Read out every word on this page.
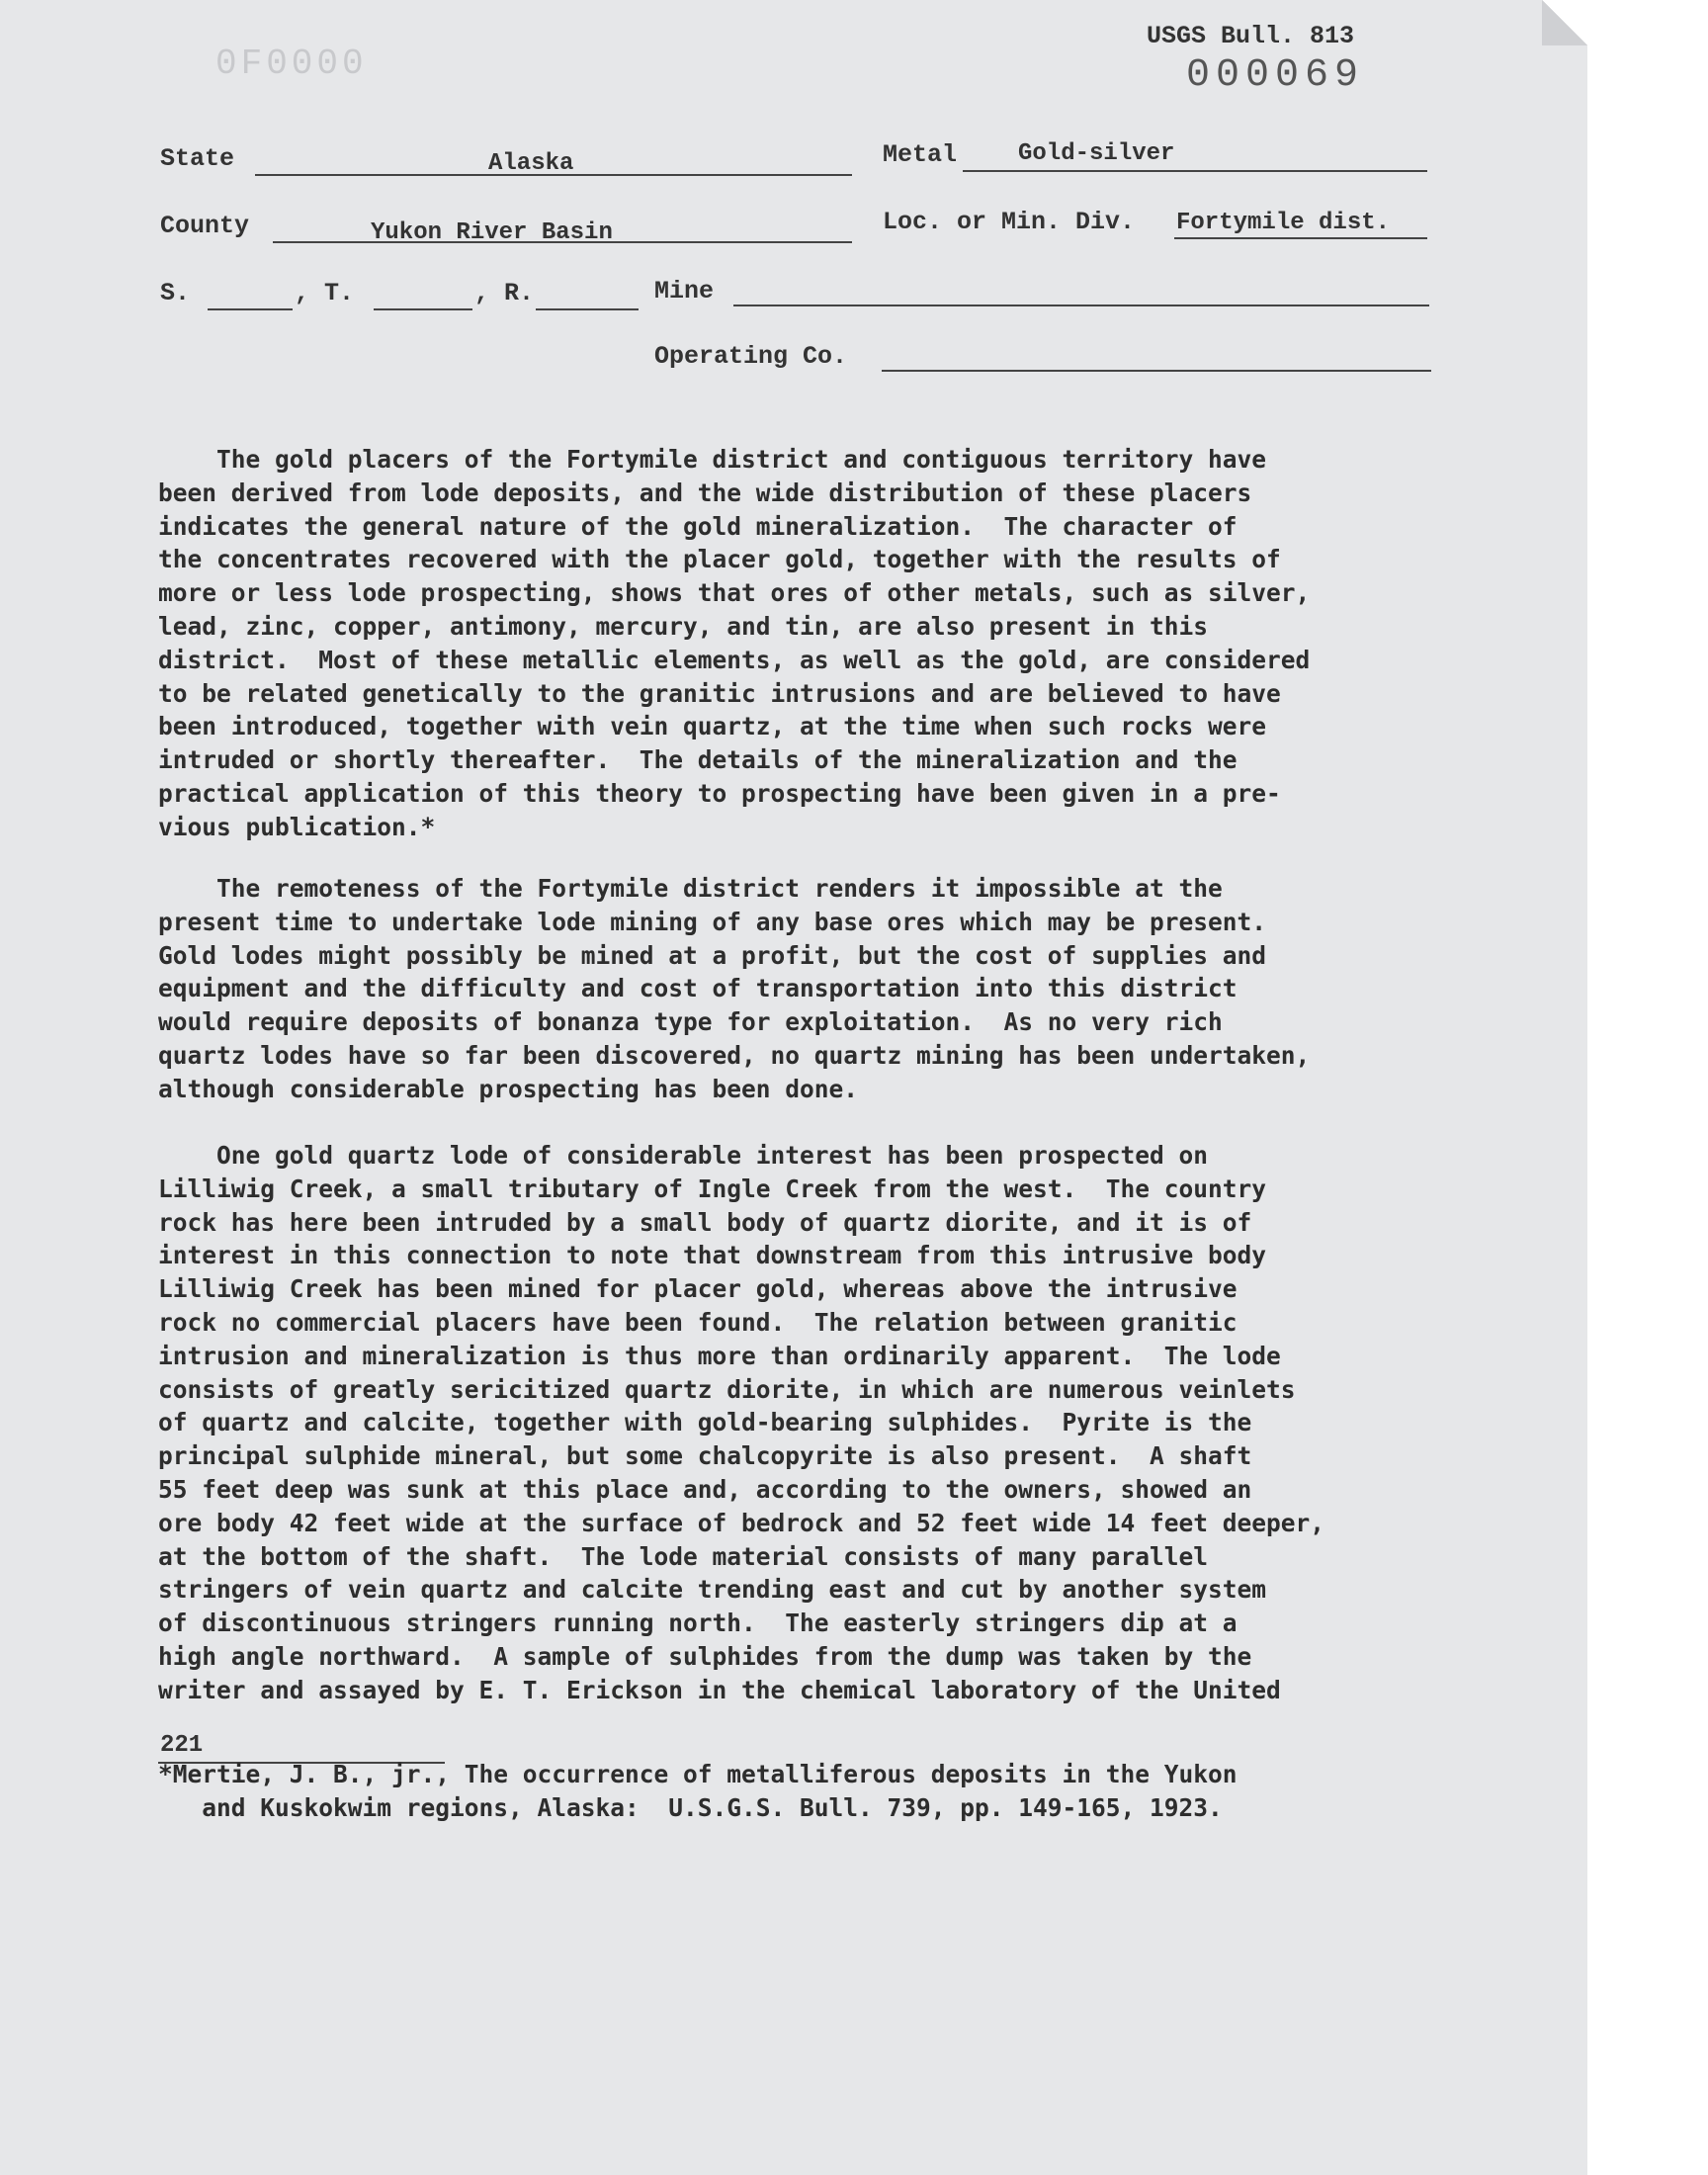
0F0000
USGS Bull. 813
000069
State	Alaska	Metal	Gold-silver
County	Yukon River Basin	Loc. or Min. Div. Fortymile dist.
S.	, T.	, R.	Mine
Operating Co.
The gold placers of the Fortymile district and contiguous territory have
been derived from lode deposits, and the wide distribution of these placers
indicates the general nature of the gold mineralization.  The character of
the concentrates recovered with the placer gold, together with the results of
more or less lode prospecting, shows that ores of other metals, such as silver,
lead, zinc, copper, antimony, mercury, and tin, are also present in this
district.  Most of these metallic elements, as well as the gold, are considered
to be related genetically to the granitic intrusions and are believed to have
been introduced, together with vein quartz, at the time when such rocks were
intruded or shortly thereafter.  The details of the mineralization and the
practical application of this theory to prospecting have been given in a pre-
vious publication.*
The remoteness of the Fortymile district renders it impossible at the
present time to undertake lode mining of any base ores which may be present.
Gold lodes might possibly be mined at a profit, but the cost of supplies and
equipment and the difficulty and cost of transportation into this district
would require deposits of bonanza type for exploitation.  As no very rich
quartz lodes have so far been discovered, no quartz mining has been undertaken,
although considerable prospecting has been done.
One gold quartz lode of considerable interest has been prospected on
Lilliwig Creek, a small tributary of Ingle Creek from the west.  The country
rock has here been intruded by a small body of quartz diorite, and it is of
interest in this connection to note that downstream from this intrusive body
Lilliwig Creek has been mined for placer gold, whereas above the intrusive
rock no commercial placers have been found.  The relation between granitic
intrusion and mineralization is thus more than ordinarily apparent.  The lode
consists of greatly sericitized quartz diorite, in which are numerous veinlets
of quartz and calcite, together with gold-bearing sulphides.  Pyrite is the
principal sulphide mineral, but some chalcopyrite is also present.  A shaft
55 feet deep was sunk at this place and, according to the owners, showed an
ore body 42 feet wide at the surface of bedrock and 52 feet wide 14 feet deeper,
at the bottom of the shaft.  The lode material consists of many parallel
stringers of vein quartz and calcite trending east and cut by another system
of discontinuous stringers running north.  The easterly stringers dip at a
high angle northward.  A sample of sulphides from the dump was taken by the
writer and assayed by E. T. Erickson in the chemical laboratory of the United
221
*Mertie, J. B., jr., The occurrence of metalliferous deposits in the Yukon
and Kuskokwim regions, Alaska:  U.S.G.S. Bull. 739, pp. 149-165, 1923.
